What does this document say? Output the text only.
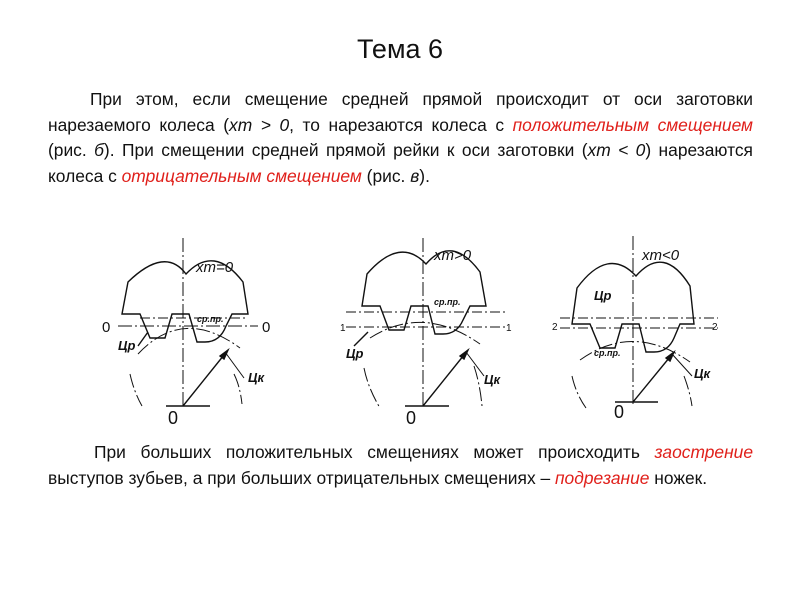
Тема 6

При этом, если смещение средней прямой происходит от оси заготовки нарезаемого колеса (xm > 0, то нарезаются колеса с положительным смещением (рис. б). При смещении средней прямой рейки к оси заготовки (xm < 0) нарезаются колеса с отрицательным смещением (рис. в).

xm=0
ср.пр.
0	0
Цр
Цк
0
xm>0
ср.пр.
1	1
Цр
Цк
0
xm<0
Цр
2	2
ср.пр.
Цк
0

При больших положительных смещениях может происходить заострение выступов зубьев, а при больших отрицательных смещениях – подрезание ножек.
